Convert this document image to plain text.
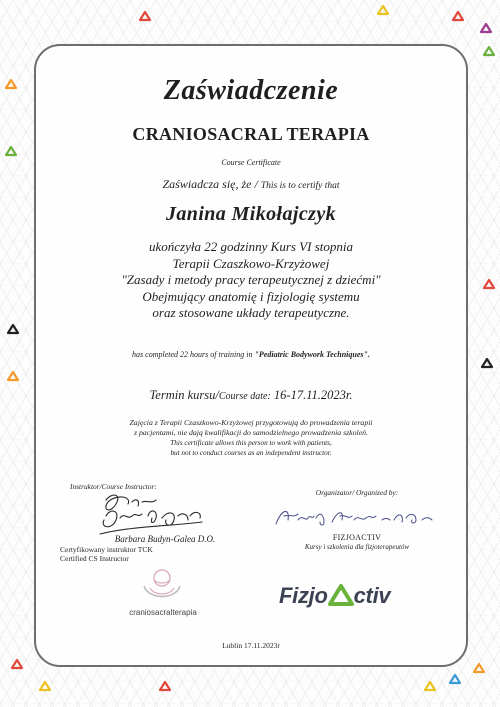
Zaświadczenie
CRANIOSACRAL TERAPIA
Course Certificate
Zaświadcza się, że / This is to certify that
Janina Mikołajczyk
ukończyła 22 godzinny Kurs VI stopnia
Terapii Czaszkowo-Krzyżowej
"Zasady i metody pracy terapeutycznej z dziećmi"
Obejmujący anatomię i fizjologię systemu
oraz stosowane układy terapeutyczne.
has completed 22 hours of training in "Pediatric Bodywork Techniques".
Termin kursu/Course date: 16-17.11.2023r.
Zajęcia z Terapii Czaszkowo-Krzyżowej przygotowują do prowadzenia terapii
z pacjentami, nie dają kwalifikacji do samodzielnego prowadzenia szkoleń.
This certificate allows this person to work with patients,
but not to conduct courses as an independent instructor.
Instruktor/Course Instructor:
Barbara Budyn-Galea D.O.
Certyfikowany instruktor TCK
Certified CS Instructor
craniosacralterapia
Organizator/ Organized by:
FIZJOACTIV
Kursy i szkolenia dla fizjoterapeutów
Fizjo ctiv
Lublin 17.11.2023r
